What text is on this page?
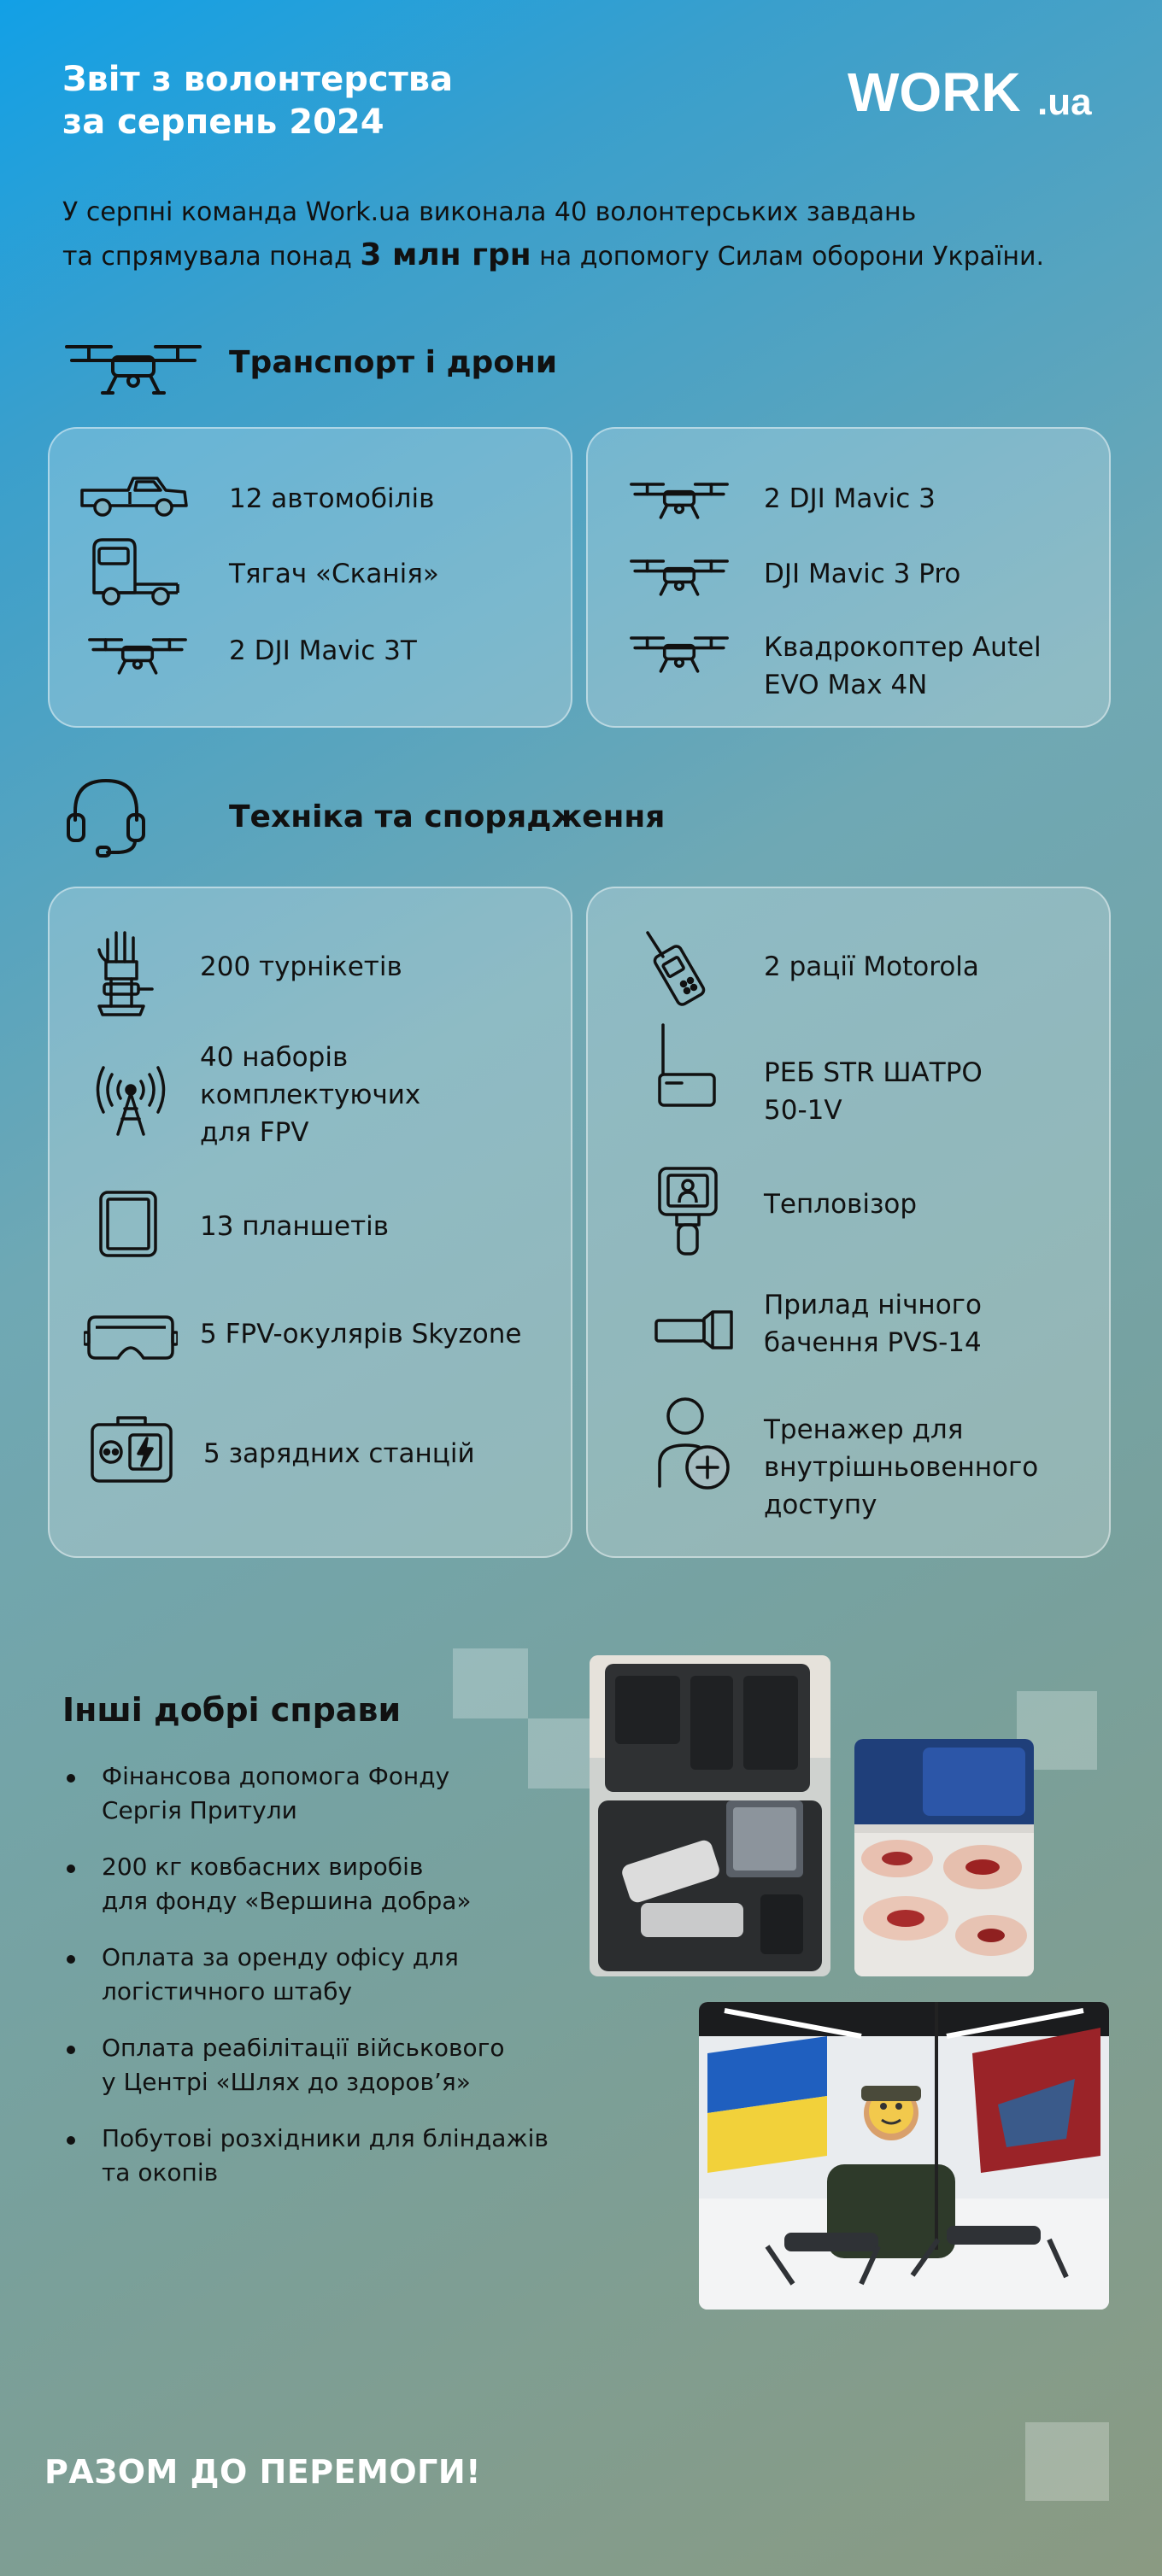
Звіт з волонтерства
за серпень 2024	WORK .ua
У серпні команда Work.ua виконала 40 волонтерських завдань
та спрямувала понад 3 млн грн на допомогу Силам оборони України.
Транспорт і дрони
12 автомобілів
Тягач «Сканія»
2 DJI Mavic 3T
2 DJI Mavic 3
DJI Mavic 3 Pro
Квадрокоптер Autel
EVO Max 4N
Техніка та спорядження
200 турнікетів
40 наборів
комплектуючих
для FPV
13 планшетів
5 FPV-окулярів Skyzone
5 зарядних станцій
2 рації Motorola
РЕБ STR ШАТРО
50-1V
Тепловізор
Прилад нічного
бачення PVS-14
Тренажер для
внутрішньовенного
доступу
Інші добрі справи
Фінансова допомога Фонду
Сергія Притули
200 кг ковбасних виробів
для фонду «Вершина добра»
Оплата за оренду офісу для
логістичного штабу
Оплата реабілітації військового
у Центрі «Шлях до здоров’я»
Побутові розхідники для бліндажів
та окопів
РАЗОМ ДО ПЕРЕМОГИ!
